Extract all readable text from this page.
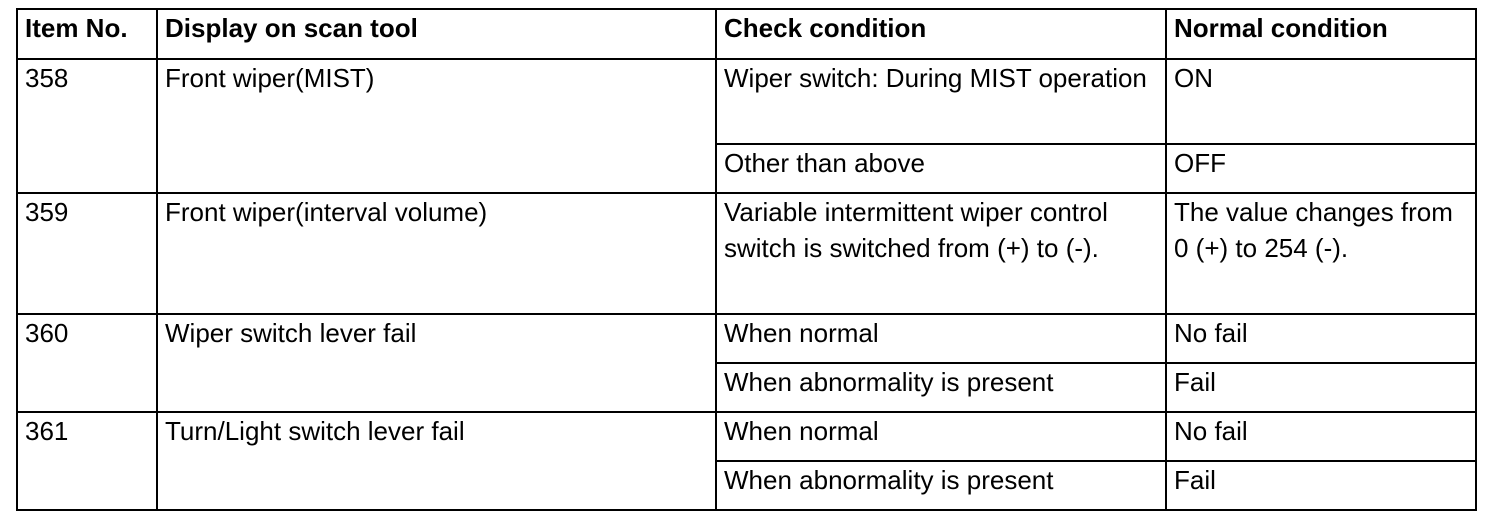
Item No.	Display on scan tool	Check condition	Normal condition
358	Front wiper(MIST)	Wiper switch: During MIST operation	ON
		Other than above	OFF
359	Front wiper(interval volume)	Variable intermittent wiper control switch is switched from (+) to (-).	The value changes from 0 (+) to 254 (-).
360	Wiper switch lever fail	When normal	No fail
		When abnormality is present	Fail
361	Turn/Light switch lever fail	When normal	No fail
		When abnormality is present	Fail
